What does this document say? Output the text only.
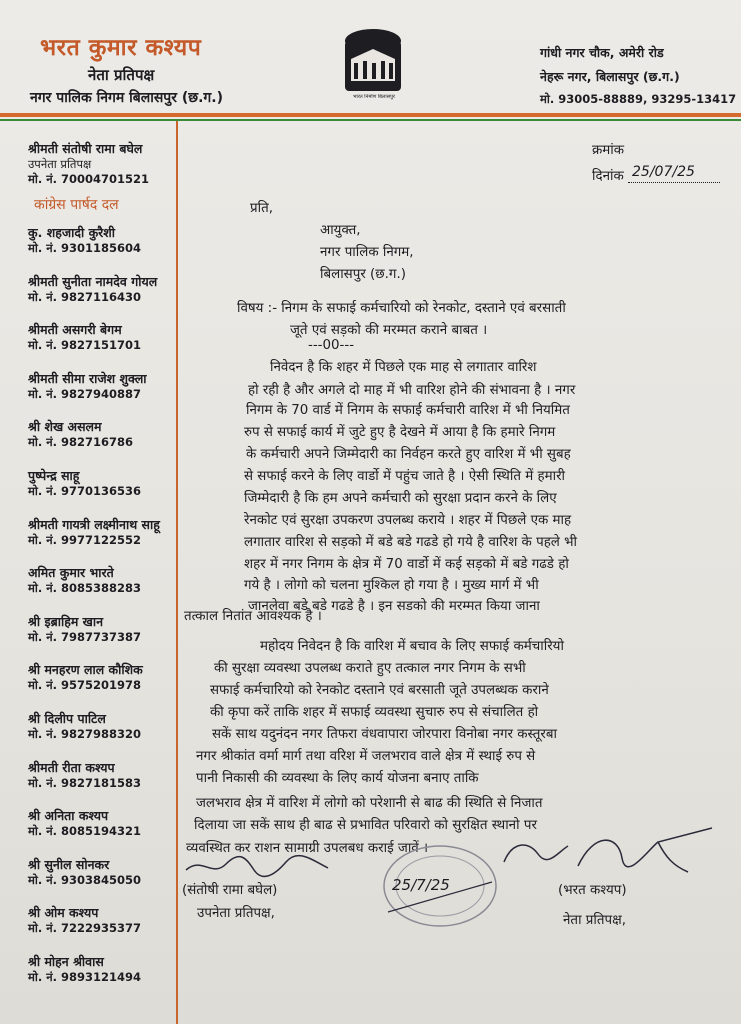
भरत कुमार कश्यप
नेता प्रतिपक्ष
नगर पालिक निगम बिलासपुर (छ.ग.)	भारत निर्माण बिलासपुर
गांधी नगर चौक, अमेरी रोड
नेहरू नगर, बिलासपुर (छ.ग.)
मो. 93005-88889, 93295-13417
श्रीमती संतोषी रामा बघेल
उपनेता प्रतिपक्ष
मो. नं. 70004701521
कांग्रेस पार्षद दल
कु. शहजादी कुरैशी
मो. नं. 9301185604
श्रीमती सुनीता नामदेव गोयल
मो. नं. 9827116430
श्रीमती असगरी बेगम
मो. नं. 9827151701
श्रीमती सीमा राजेश शुक्ला
मो. नं. 9827940887
श्री शेख असलम
मो. नं. 982716786
पुष्पेन्द्र साहू
मो. नं. 9770136536
श्रीमती गायत्री लक्ष्मीनाथ साहू
मो. नं. 9977122552
अमित कुमार भारते
मो. नं. 8085388283
श्री इब्राहिम खान
मो. नं. 7987737387
श्री मनहरण लाल कौशिक
मो. नं. 9575201978
श्री दिलीप पाटिल
मो. नं. 9827988320
श्रीमती रीता कश्यप
मो. नं. 9827181583
श्री अनिता कश्यप
मो. नं. 8085194321
श्री सुनील सोनकर
मो. नं. 9303845050
श्री ओम कश्यप
मो. नं. 7222935377
श्री मोहन श्रीवास
मो. नं. 9893121494
क्रमांक
दिनांक 25/07/25
प्रति,
आयुक्त,
नगर पालिक निगम,
बिलासपुर (छ.ग.)
विषय :- निगम के सफाई कर्मचारियो को रेनकोट, दस्ताने एवं बरसाती
जूते एवं सड़को की मरम्मत कराने बाबत ।
---00---
निवेदन है कि शहर में पिछले एक माह से लगातार वारिश
हो रही है और अगले दो माह में भी वारिश होने की संभावना है । नगर
निगम के 70 वार्ड में निगम के सफाई कर्मचारी वारिश में भी नियमित
रुप से सफाई कार्य में जुटे हुए है देखने में आया है कि हमारे निगम
के कर्मचारी अपने जिम्मेदारी का निर्वहन करते हुए वारिश में भी सुबह
से सफाई करने के लिए वार्डो में पहुंच जाते है । ऐसी स्थिति में हमारी
जिम्मेदारी है कि हम अपने कर्मचारी को सुरक्षा प्रदान करने के लिए
रेनकोट एवं सुरक्षा उपकरण उपलब्ध कराये । शहर में पिछले एक माह
लगातार वारिश से सड़को में बडे बडे गढडे हो गये है वारिश के पहले भी
शहर में नगर निगम के क्षेत्र में 70 वार्डो में कई सड़को में बडे गढडे हो
गये है । लोगो को चलना मुश्किल हो गया है । मुख्य मार्ग में भी
जानलेवा बडे बडे गढडे है । इन सडको की मरम्मत किया जाना
तत्काल नितांत आवश्यक है ।
महोदय निवेदन है कि वारिश में बचाव के लिए सफाई कर्मचारियो
की सुरक्षा व्यवस्था उपलब्ध कराते हुए तत्काल नगर निगम के सभी
सफाई कर्मचारियो को रेनकोट दस्ताने एवं बरसाती जूते उपलब्धक कराने
की कृपा करें ताकि शहर में सफाई व्यवस्था सुचारु रुप से संचालित हो
सकें साथ यदुनंदन नगर तिफरा वंधवापारा जोरपारा विनोबा नगर कस्तूरबा
नगर श्रीकांत वर्मा मार्ग तथा वरिश में जलभराव वाले क्षेत्र में स्थाई रुप से
पानी निकासी की व्यवस्था के लिए कार्य योजना बनाए ताकि
जलभराव क्षेत्र में वारिश में लोगो को परेशानी से बाढ की स्थिति से निजात
दिलाया जा सकें साथ ही बाढ से प्रभावित परिवारो को सुरक्षित स्थानो पर
व्यवस्थित कर राशन सामाग्री उपलबध कराई जावें ।
(संतोषी रामा बघेल)
उपनेता प्रतिपक्ष,
25/7/25	(भरत कश्यप)
नेता प्रतिपक्ष,
